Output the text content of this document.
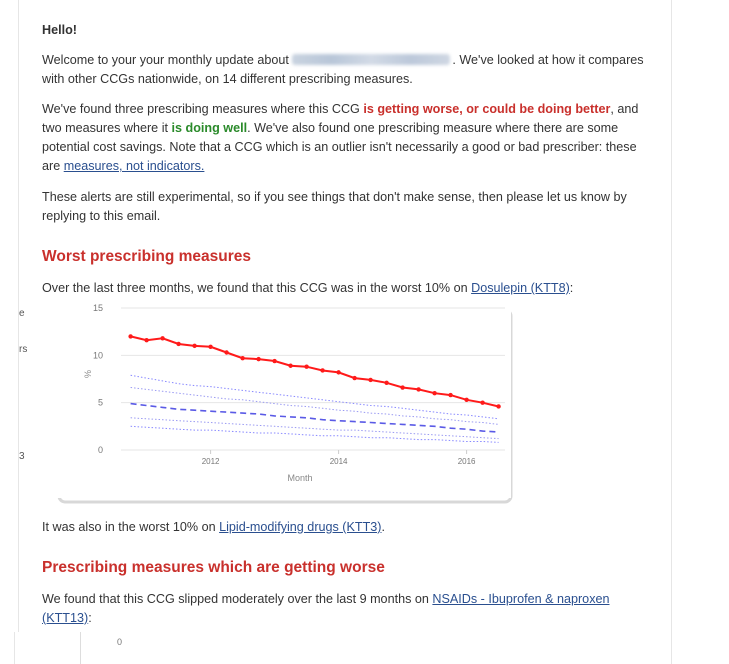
Hello!

Welcome to your your monthly update about	. We've looked at how it compares with other CCGs nationwide, on 14 different prescribing measures.

We've found three prescribing measures where this CCG is getting worse, or could be doing better, and two measures where it is doing well. We've also found one prescribing measure where there are some potential cost savings. Note that a CCG which is an outlier isn't necessarily a good or bad prescriber: these are measures, not indicators.

These alerts are still experimental, so if you see things that don't make sense, then please let us know by replying to this email.

Worst prescribing measures

Over the last three months, we found that this CCG was in the worst 10% on Dosulepin (KTT8):

e
rs
3
15
10
5
0
2012	2014	2016
%
Month

It was also in the worst 10% on Lipid-modifying drugs (KTT3).

Prescribing measures which are getting worse

We found that this CCG slipped moderately over the last 9 months on NSAIDs - Ibuprofen & naproxen (KTT13):

0
